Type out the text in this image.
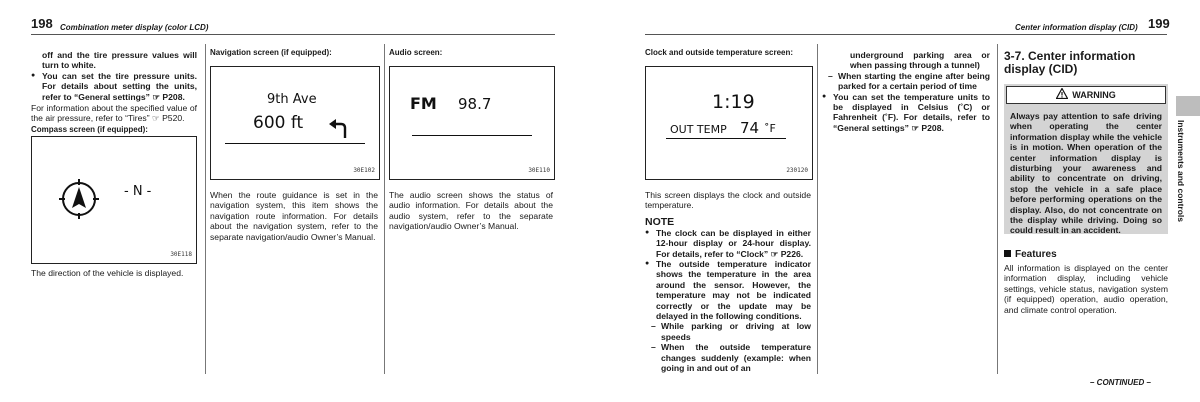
198 Combination meter display (color LCD)

off and the tire pressure values will turn to white.

● You can set the tire pressure units. For details about setting the units, refer to “General settings” ☞ P208.

For information about the specified value of the air pressure, refer to “Tires” ☞ P520.

Compass screen (if equipped):

- N -
30E118

The direction of the vehicle is displayed.

Navigation screen (if equipped):

9th Ave
600 ft
30E102

When the route guidance is set in the navigation system, this item shows the navigation route information. For details about the navigation system, refer to the separate navigation/audio Owner’s Manual.

Audio screen:

FM 98.7
30E110

The audio screen shows the status of audio information. For details about the audio system, refer to the separate navigation/audio Owner’s Manual.

Center information display (CID) 199

Clock and outside temperature screen:

1:19
OUT TEMP 74 ˚F
230120

This screen displays the clock and outside temperature.

NOTE

● The clock can be displayed in either 12-hour display or 24-hour display. For details, refer to “Clock” ☞ P226.

● The outside temperature indicator shows the temperature in the area around the sensor. However, the temperature may not be indicated correctly or the update may be delayed in the following conditions.

– While parking or driving at low speeds

– When the outside temperature changes suddenly (example: when going in and out of an

underground parking area or when passing through a tunnel)

– When starting the engine after being parked for a certain period of time

● You can set the temperature units to be displayed in Celsius (˚C) or Fahrenheit (˚F). For details, refer to “General settings” ☞ P208.

3-7. Center information display (CID)

WARNING

Always pay attention to safe driving when operating the center information display while the vehicle is in motion. When operation of the center information display is disturbing your awareness and ability to concentrate on driving, stop the vehicle in a safe place before performing operations on the display. Also, do not concentrate on the display while driving. Doing so could result in an accident.

Features

All information is displayed on the center information display, including vehicle settings, vehicle status, navigation system (if equipped) operation, audio operation, and climate control operation.

Instruments and controls

– CONTINUED –
